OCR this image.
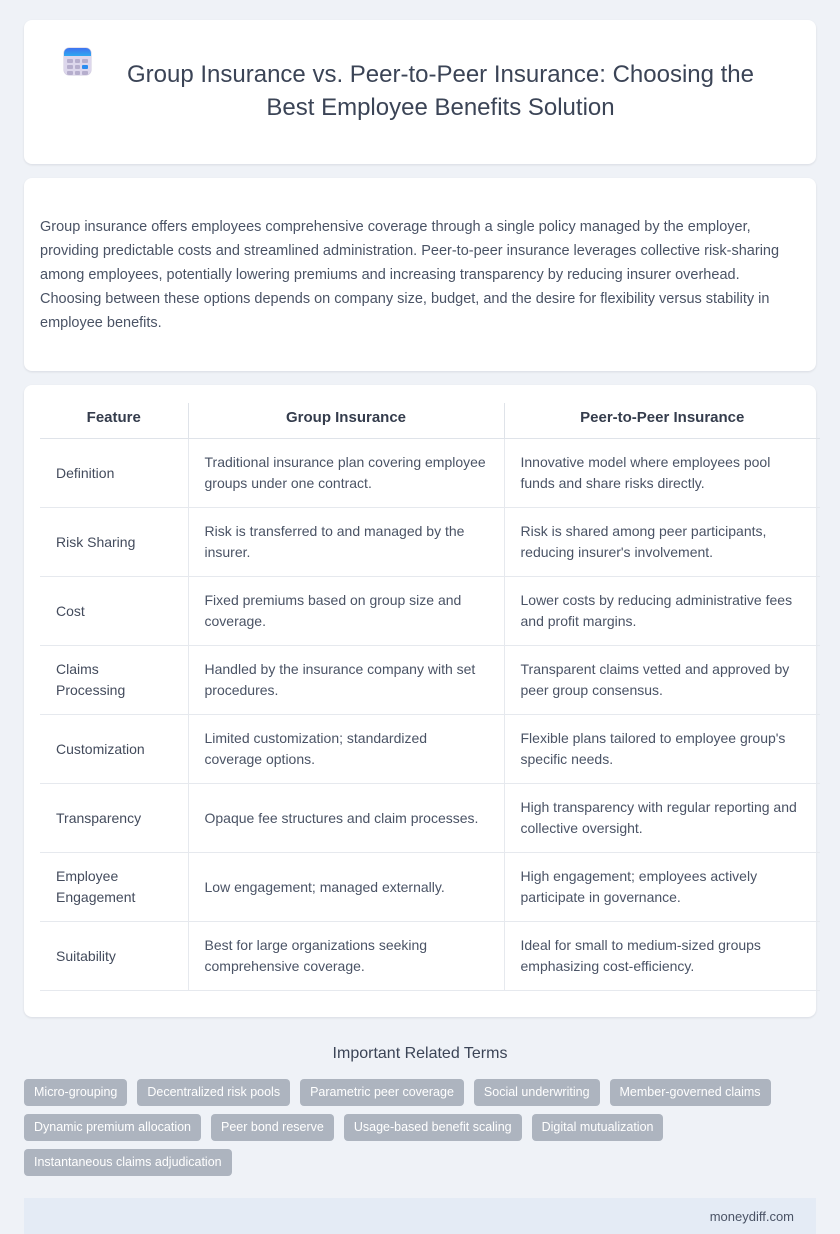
Group Insurance vs. Peer-to-Peer Insurance: Choosing the Best Employee Benefits Solution

Group insurance offers employees comprehensive coverage through a single policy managed by the employer, providing predictable costs and streamlined administration. Peer-to-peer insurance leverages collective risk-sharing among employees, potentially lowering premiums and increasing transparency by reducing insurer overhead. Choosing between these options depends on company size, budget, and the desire for flexibility versus stability in employee benefits.

Feature	Group Insurance	Peer-to-Peer Insurance
Definition	Traditional insurance plan covering employee groups under one contract.	Innovative model where employees pool funds and share risks directly.
Risk Sharing	Risk is transferred to and managed by the insurer.	Risk is shared among peer participants, reducing insurer's involvement.
Cost	Fixed premiums based on group size and coverage.	Lower costs by reducing administrative fees and profit margins.
Claims Processing	Handled by the insurance company with set procedures.	Transparent claims vetted and approved by peer group consensus.
Customization	Limited customization; standardized coverage options.	Flexible plans tailored to employee group's specific needs.
Transparency	Opaque fee structures and claim processes.	High transparency with regular reporting and collective oversight.
Employee Engagement	Low engagement; managed externally.	High engagement; employees actively participate in governance.
Suitability	Best for large organizations seeking comprehensive coverage.	Ideal for small to medium-sized groups emphasizing cost-efficiency.
Important Related Terms
Micro-grouping	Decentralized risk pools	Parametric peer coverage	Social underwriting	Member-governed claims
Dynamic premium allocation	Peer bond reserve	Usage-based benefit scaling	Digital mutualization
Instantaneous claims adjudication
moneydiff.com
